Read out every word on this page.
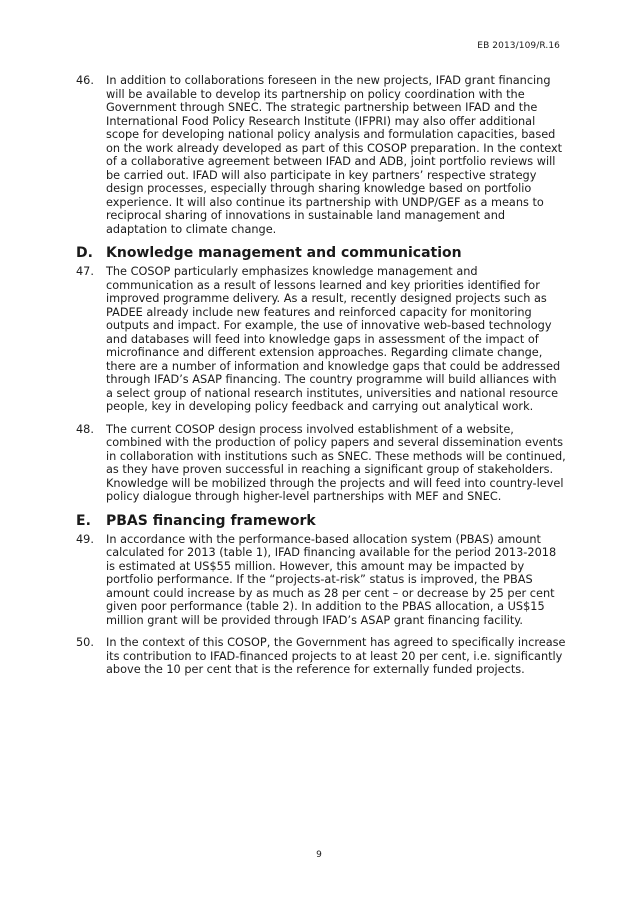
EB 2013/109/R.16
46. In addition to collaborations foreseen in the new projects, IFAD grant financing will be available to develop its partnership on policy coordination with the Government through SNEC. The strategic partnership between IFAD and the International Food Policy Research Institute (IFPRI) may also offer additional scope for developing national policy analysis and formulation capacities, based on the work already developed as part of this COSOP preparation. In the context of a collaborative agreement between IFAD and ADB, joint portfolio reviews will be carried out. IFAD will also participate in key partners’ respective strategy design processes, especially through sharing knowledge based on portfolio experience. It will also continue its partnership with UNDP/GEF as a means to reciprocal sharing of innovations in sustainable land management and adaptation to climate change.
D. Knowledge management and communication
47. The COSOP particularly emphasizes knowledge management and communication as a result of lessons learned and key priorities identified for improved programme delivery. As a result, recently designed projects such as PADEE already include new features and reinforced capacity for monitoring outputs and impact. For example, the use of innovative web-based technology and databases will feed into knowledge gaps in assessment of the impact of microfinance and different extension approaches. Regarding climate change, there are a number of information and knowledge gaps that could be addressed through IFAD’s ASAP financing. The country programme will build alliances with a select group of national research institutes, universities and national resource people, key in developing policy feedback and carrying out analytical work.
48. The current COSOP design process involved establishment of a website, combined with the production of policy papers and several dissemination events in collaboration with institutions such as SNEC. These methods will be continued, as they have proven successful in reaching a significant group of stakeholders. Knowledge will be mobilized through the projects and will feed into country-level policy dialogue through higher-level partnerships with MEF and SNEC.
E. PBAS financing framework
49. In accordance with the performance-based allocation system (PBAS) amount calculated for 2013 (table 1), IFAD financing available for the period 2013-2018 is estimated at US$55 million. However, this amount may be impacted by portfolio performance. If the “projects-at-risk” status is improved, the PBAS amount could increase by as much as 28 per cent – or decrease by 25 per cent given poor performance (table 2). In addition to the PBAS allocation, a US$15 million grant will be provided through IFAD’s ASAP grant financing facility.
50. In the context of this COSOP, the Government has agreed to specifically increase its contribution to IFAD-financed projects to at least 20 per cent, i.e. significantly above the 10 per cent that is the reference for externally funded projects.
9
